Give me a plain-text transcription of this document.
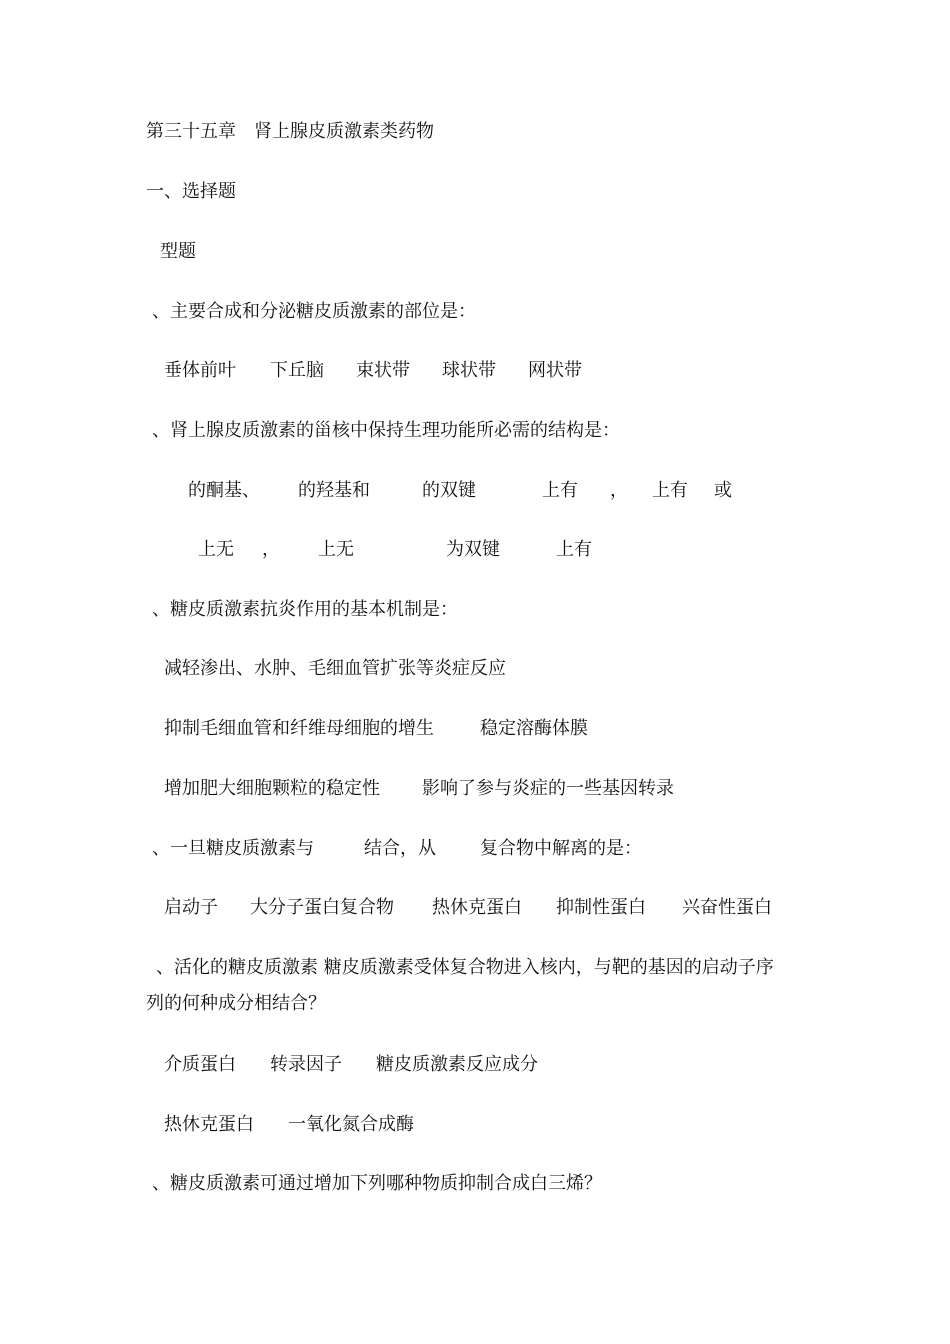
第三十五章　肾上腺皮质激素类药物
一、选择题
型题
、主要合成和分泌糖皮质激素的部位是：
垂体前叶 下丘脑 束状带 球状带 网状带
、肾上腺皮质激素的甾核中保持生理功能所必需的结构是：
的酮基、 的羟基和	的双键	上有 ， 上有 或
上无 ， 上无	为双键	上有
、糖皮质激素抗炎作用的基本机制是：
减轻渗出、水肿、毛细血管扩张等炎症反应
抑制毛细血管和纤维母细胞的增生	稳定溶酶体膜
增加肥大细胞颗粒的稳定性 影响了参与炎症的一些基因转录
、一旦糖皮质激素与	结合，从 复合物中解离的是：
启动子 大分子蛋白复合物 热休克蛋白 抑制性蛋白 兴奋性蛋白
、活化的糖皮质激素 糖皮质激素受体复合物进入核内，与靶的基因的启动子序
列的何种成分相结合？
介质蛋白 转录因子 糖皮质激素反应成分
热休克蛋白 一氧化氮合成酶
、糖皮质激素可通过增加下列哪种物质抑制合成白三烯？
